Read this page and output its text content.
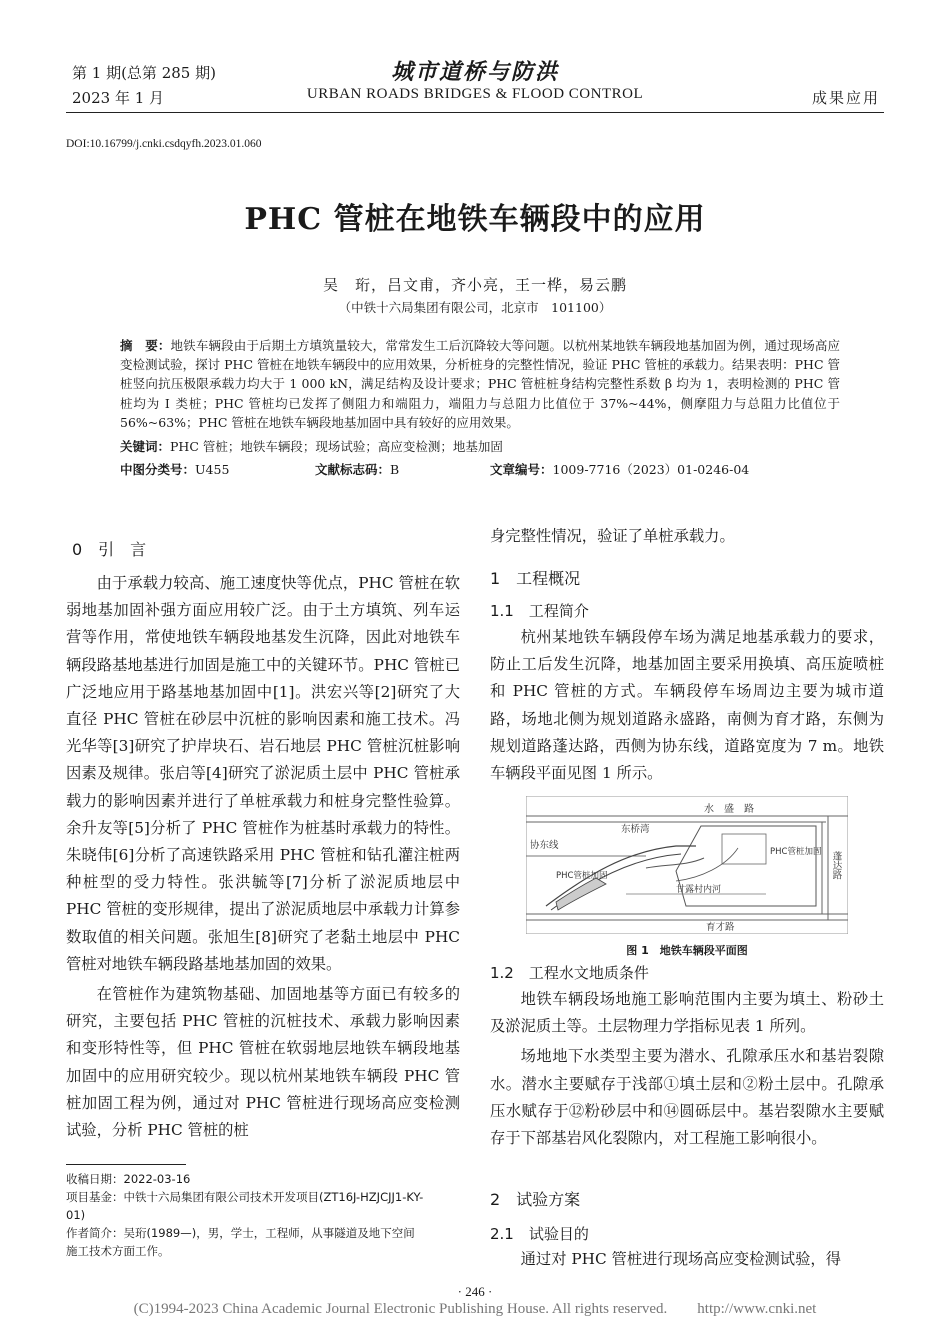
第 1 期(总第 285 期)
2023 年 1 月
城市道桥与防洪
URBAN ROADS BRIDGES & FLOOD CONTROL	成果应用
DOI:10.16799/j.cnki.csdqyfh.2023.01.060
PHC 管桩在地铁车辆段中的应用
吴　珩，吕文甫，齐小亮，王一桦，易云鹏
（中铁十六局集团有限公司，北京市　101100）
摘　要：地铁车辆段由于后期土方填筑量较大，常常发生工后沉降较大等问题。以杭州某地铁车辆段地基加固为例，通过现场高应变检测试验，探讨 PHC 管桩在地铁车辆段中的应用效果，分析桩身的完整性情况，验证 PHC 管桩的承载力。结果表明：PHC 管桩竖向抗压极限承载力均大于 1 000 kN，满足结构及设计要求；PHC 管桩桩身结构完整性系数 β 均为 1，表明检测的 PHC 管桩均为 Ⅰ 类桩；PHC 管桩均已发挥了侧阻力和端阻力，端阻力与总阻力比值位于 37%~44%，侧摩阻力与总阻力比值位于 56%~63%；PHC 管桩在地铁车辆段地基加固中具有较好的应用效果。
关键词：PHC 管桩；地铁车辆段；现场试验；高应变检测；地基加固
中图分类号：U455	文献标志码：B	文章编号：1009-7716（2023）01-0246-04
0　引　言

由于承载力较高、施工速度快等优点，PHC 管桩在软弱地基加固补强方面应用较广泛。由于土方填筑、列车运营等作用，常使地铁车辆段地基发生沉降，因此对地铁车辆段路基地基进行加固是施工中的关键环节。PHC 管桩已广泛地应用于路基地基加固中[1]。洪宏兴等[2]研究了大直径 PHC 管桩在砂层中沉桩的影响因素和施工技术。冯光华等[3]研究了护岸块石、岩石地层 PHC 管桩沉桩影响因素及规律。张启等[4]研究了淤泥质土层中 PHC 管桩承载力的影响因素并进行了单桩承载力和桩身完整性验算。余升友等[5]分析了 PHC 管桩作为桩基时承载力的特性。朱晓伟[6]分析了高速铁路采用 PHC 管桩和钻孔灌注桩两种桩型的受力特性。张洪毓等[7]分析了淤泥质地层中 PHC 管桩的变形规律，提出了淤泥质地层中承载力计算参数取值的相关问题。张旭生[8]研究了老黏土地层中 PHC 管桩对地铁车辆段路基地基加固的效果。

在管桩作为建筑物基础、加固地基等方面已有较多的研究，主要包括 PHC 管桩的沉桩技术、承载力影响因素和变形特性等，但 PHC 管桩在软弱地层地铁车辆段地基加固中的应用研究较少。现以杭州某地铁车辆段 PHC 管桩加固工程为例，通过对 PHC 管桩进行现场高应变检测试验，分析 PHC 管桩的桩

收稿日期：2022-03-16
项目基金：中铁十六局集团有限公司技术开发项目(ZT16J-HZJCJJ1-KY-01)
作者简介：吴珩(1989—)，男，学士，工程师，从事隧道及地下空间施工技术方面工作。

身完整性情况，验证了单桩承载力。

1　工程概况
1.1　工程简介

杭州某地铁车辆段停车场为满足地基承载力的要求，防止工后发生沉降，地基加固主要采用换填、高压旋喷桩和 PHC 管桩的方式。车辆段停车场周边主要为城市道路，场地北侧为规划道路永盛路，南侧为育才路，东侧为规划道路蓬达路，西侧为协东线，道路宽度为 7 m。地铁车辆段平面见图 1 所示。

水　盛　路
蓬达路
协东线
育才路
东桥湾
PHC管桩加固
PHC管桩加固
甘露村内河
图 1　地铁车辆段平面图
1.2　工程水文地质条件

地铁车辆段场地施工影响范围内主要为填土、粉砂土及淤泥质土等。土层物理力学指标见表 1 所列。

场地地下水类型主要为潜水、孔隙承压水和基岩裂隙水。潜水主要赋存于浅部①填土层和②粉土层中。孔隙承压水赋存于⑫粉砂层中和⑭圆砾层中。基岩裂隙水主要赋存于下部基岩风化裂隙内，对工程施工影响很小。

2　试验方案
2.1　试验目的

通过对 PHC 管桩进行现场高应变检测试验，得

· 246 ·
(C)1994-2023 China Academic Journal Electronic Publishing House. All rights reserved.　　http://www.cnki.net
